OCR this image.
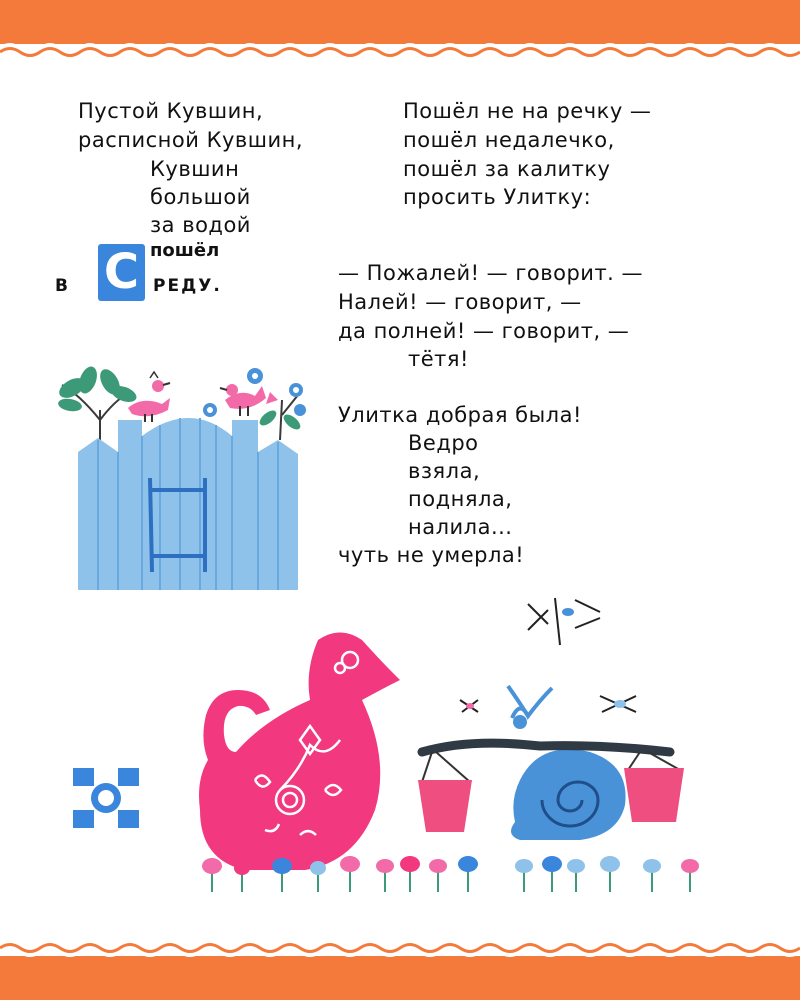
Пустой Кувшин,
расписной Кувшин,
Кувшин
большой
за водой
С пошёл
В	РЕДУ.
Пошёл не на речку —
пошёл недалечко,
пошёл за калитку
просить Улитку:
— Пожалей! — говорит. —
Налей! — говорит, —
да полней! — говорит, —
тётя!
Улитка добрая была!
Ведро
взяла,
подняла,
налила...
чуть не умерла!
